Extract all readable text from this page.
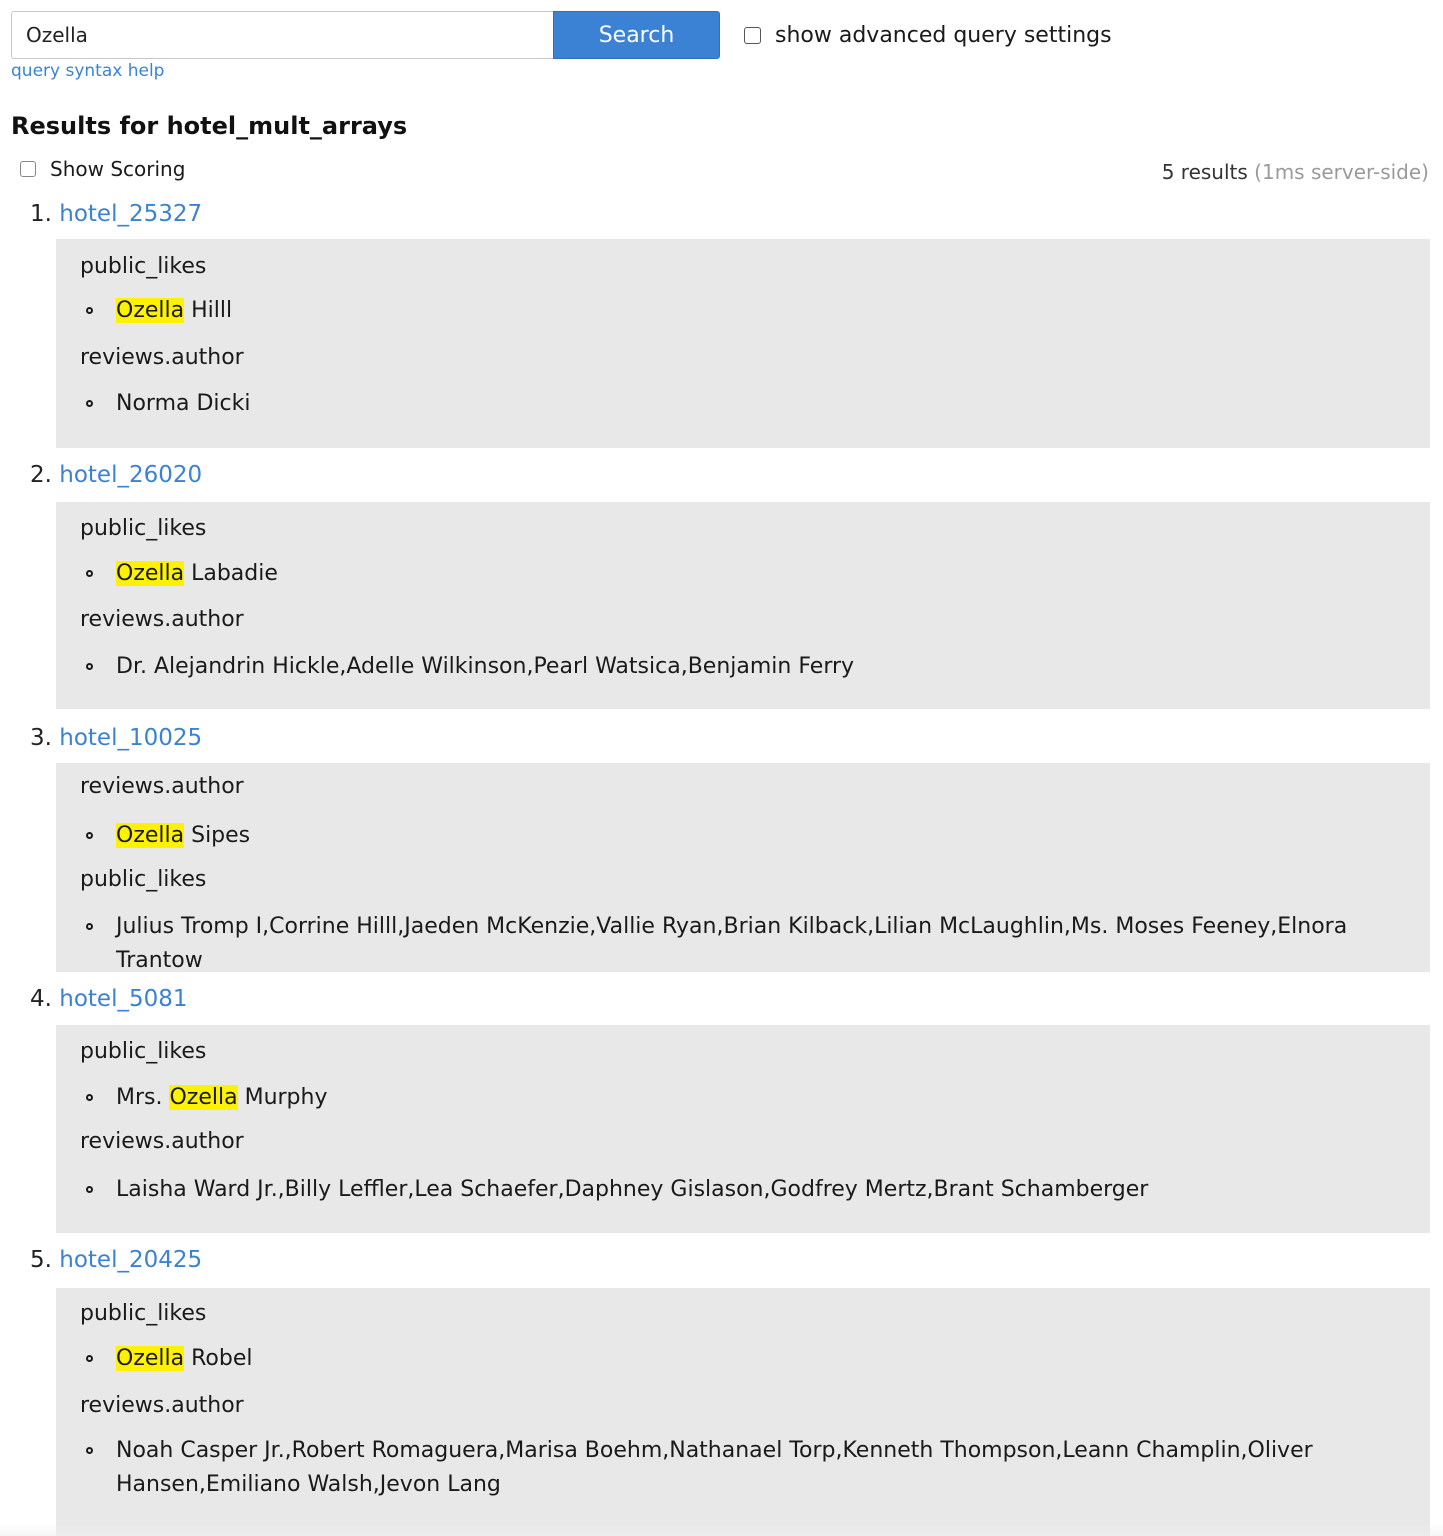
Ozella
Search	show advanced query settings
query syntax help
Results for hotel_mult_arrays
Show Scoring	5 results (1ms server-side)
1. hotel_25327
public_likes
Ozella Hilll
reviews.author
Norma Dicki
2. hotel_26020
public_likes
Ozella Labadie
reviews.author
Dr. Alejandrin Hickle,Adelle Wilkinson,Pearl Watsica,Benjamin Ferry
3. hotel_10025
reviews.author
Ozella Sipes
public_likes
Julius Tromp I,Corrine Hilll,Jaeden McKenzie,Vallie Ryan,Brian Kilback,Lilian McLaughlin,Ms. Moses Feeney,Elnora Trantow
4. hotel_5081
public_likes
Mrs. Ozella Murphy
reviews.author
Laisha Ward Jr.,Billy Leffler,Lea Schaefer,Daphney Gislason,Godfrey Mertz,Brant Schamberger
5. hotel_20425
public_likes
Ozella Robel
reviews.author
Noah Casper Jr.,Robert Romaguera,Marisa Boehm,Nathanael Torp,Kenneth Thompson,Leann Champlin,Oliver Hansen,Emiliano Walsh,Jevon Lang
